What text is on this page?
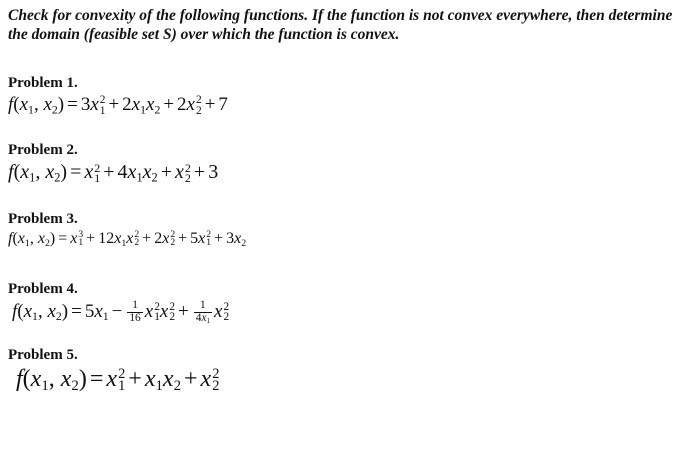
Check for convexity of the following functions. If the function is not convex everywhere, then determine the domain (feasible set S) over which the function is convex.
Problem 1.
$f(x_1$, $x_2) = 3x$ 2
$1 + 2x_1x_2 + 2x$ 2
2 + 7
Problem 2.
$f(x_1$, $x_2) = x$ 2
$1 + 4x_1x_2 + x$ 2
2 + 3
Problem 3.
$f(x_1$, $x_2) = x$ 3
$1 + 12x_1x$ 2
2 + 2x 2
2 + 5x 2
$1 + 3x_2$
Problem 4.
$f(x_1$, $x_2) = 5x_1 - \frac{1}{16}$ x 2
1 x 2
$2 + \frac{1}{4x_1}$ x 2
2
Problem 5.
$f(x_1$, $x_2) = x$ 2
$1 + x_1x_2 + x$ 2
2
